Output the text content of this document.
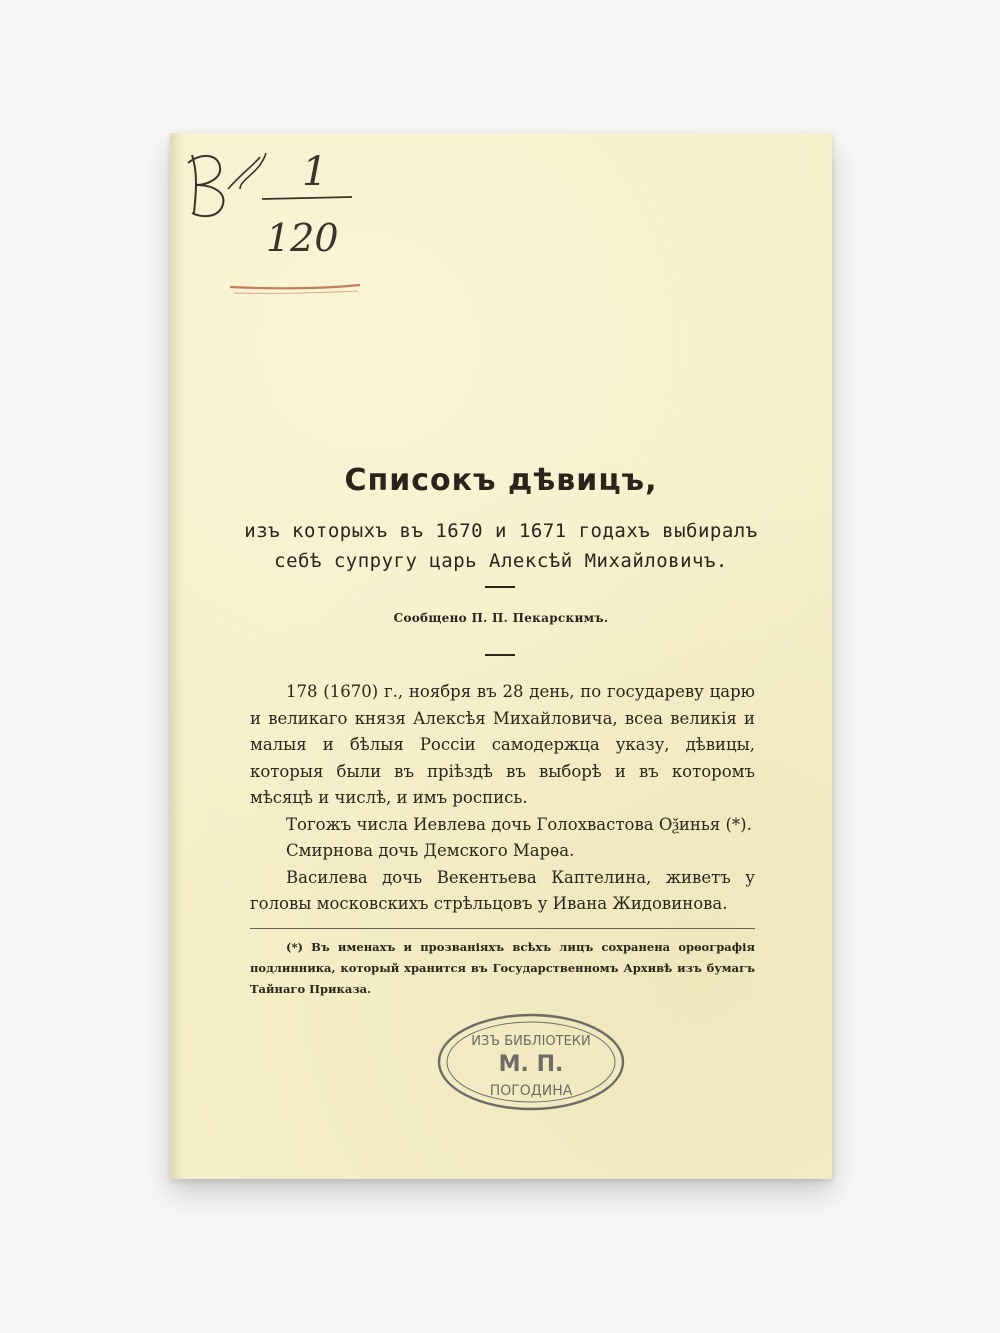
1
120
Списокъ дѣвицъ,
изъ которыхъ въ 1670 и 1671 годахъ выбиралъ
себѣ супругу царь Алексѣй Михайловичъ.
Сообщено П. П. Пекарскимъ.

178 (1670) г., ноября въ 28 день, по государеву царю и великаго князя Алексѣя Михайловича, всеа великія и малыя и бѣлыя Россіи самодержца указу, дѣвицы, которыя были въ пріѣздѣ въ выборѣ и въ которомъ мѣсяцѣ и числѣ, и имъ роспись.

Тогожъ числа Иевлева дочь Голохвастова Оѯинья (*).

Смирнова дочь Демского Марѳа.

Василева дочь Векентьева Каптелина, живетъ у головы московскихъ стрѣльцовъ у Ивана Жидовинова.

(*) Въ именахъ и прозваніяхъ всѣхъ лицъ сохранена орѳографія подлинника, который хранится въ Государственномъ Архивѣ изъ бумагъ Тайнаго Приказа.
ИЗЪ БИБЛІОТЕКИ
М. П.
ПОГОДИНА
